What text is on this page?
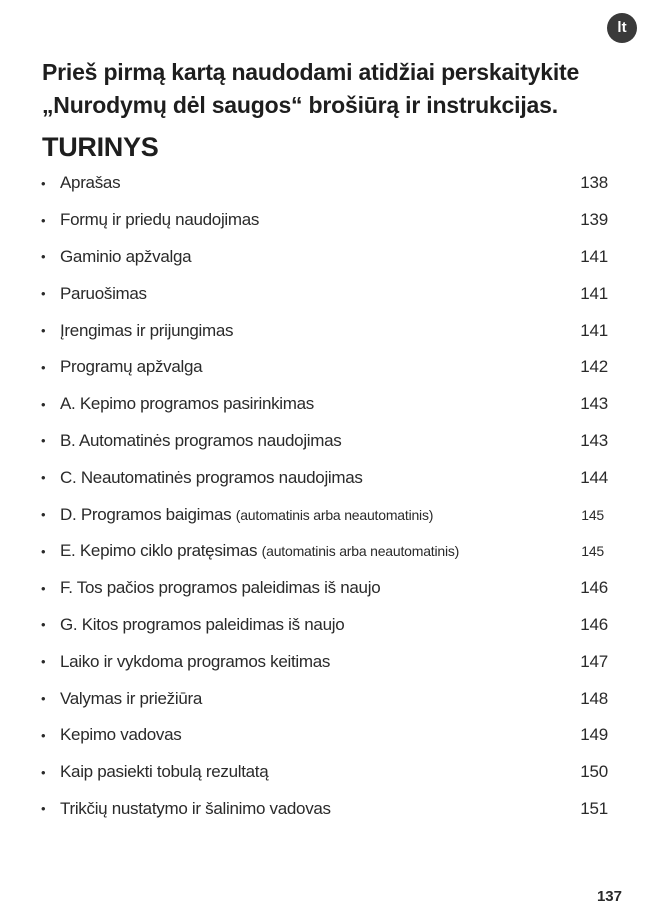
lt
Prieš pirmą kartą naudodami atidžiai perskaitykite
„Nurodymų dėl saugos“ brošiūrą ir instrukcijas.
TURINYS
• Aprašas	138
• Formų ir priedų naudojimas	139
• Gaminio apžvalga	141
• Paruošimas	141
• Įrengimas ir prijungimas	141
• Programų apžvalga	142
• A. Kepimo programos pasirinkimas	143
• B. Automatinės programos naudojimas	143
• C. Neautomatinės programos naudojimas	144
• D. Programos baigimas (automatinis arba neautomatinis)	145
• E. Kepimo ciklo pratęsimas (automatinis arba neautomatinis)	145
• F. Tos pačios programos paleidimas iš naujo	146
• G. Kitos programos paleidimas iš naujo	146
• Laiko ir vykdoma programos keitimas	147
• Valymas ir priežiūra	148
• Kepimo vadovas	149
• Kaip pasiekti tobulą rezultatą	150
• Trikčių nustatymo ir šalinimo vadovas	151
137
